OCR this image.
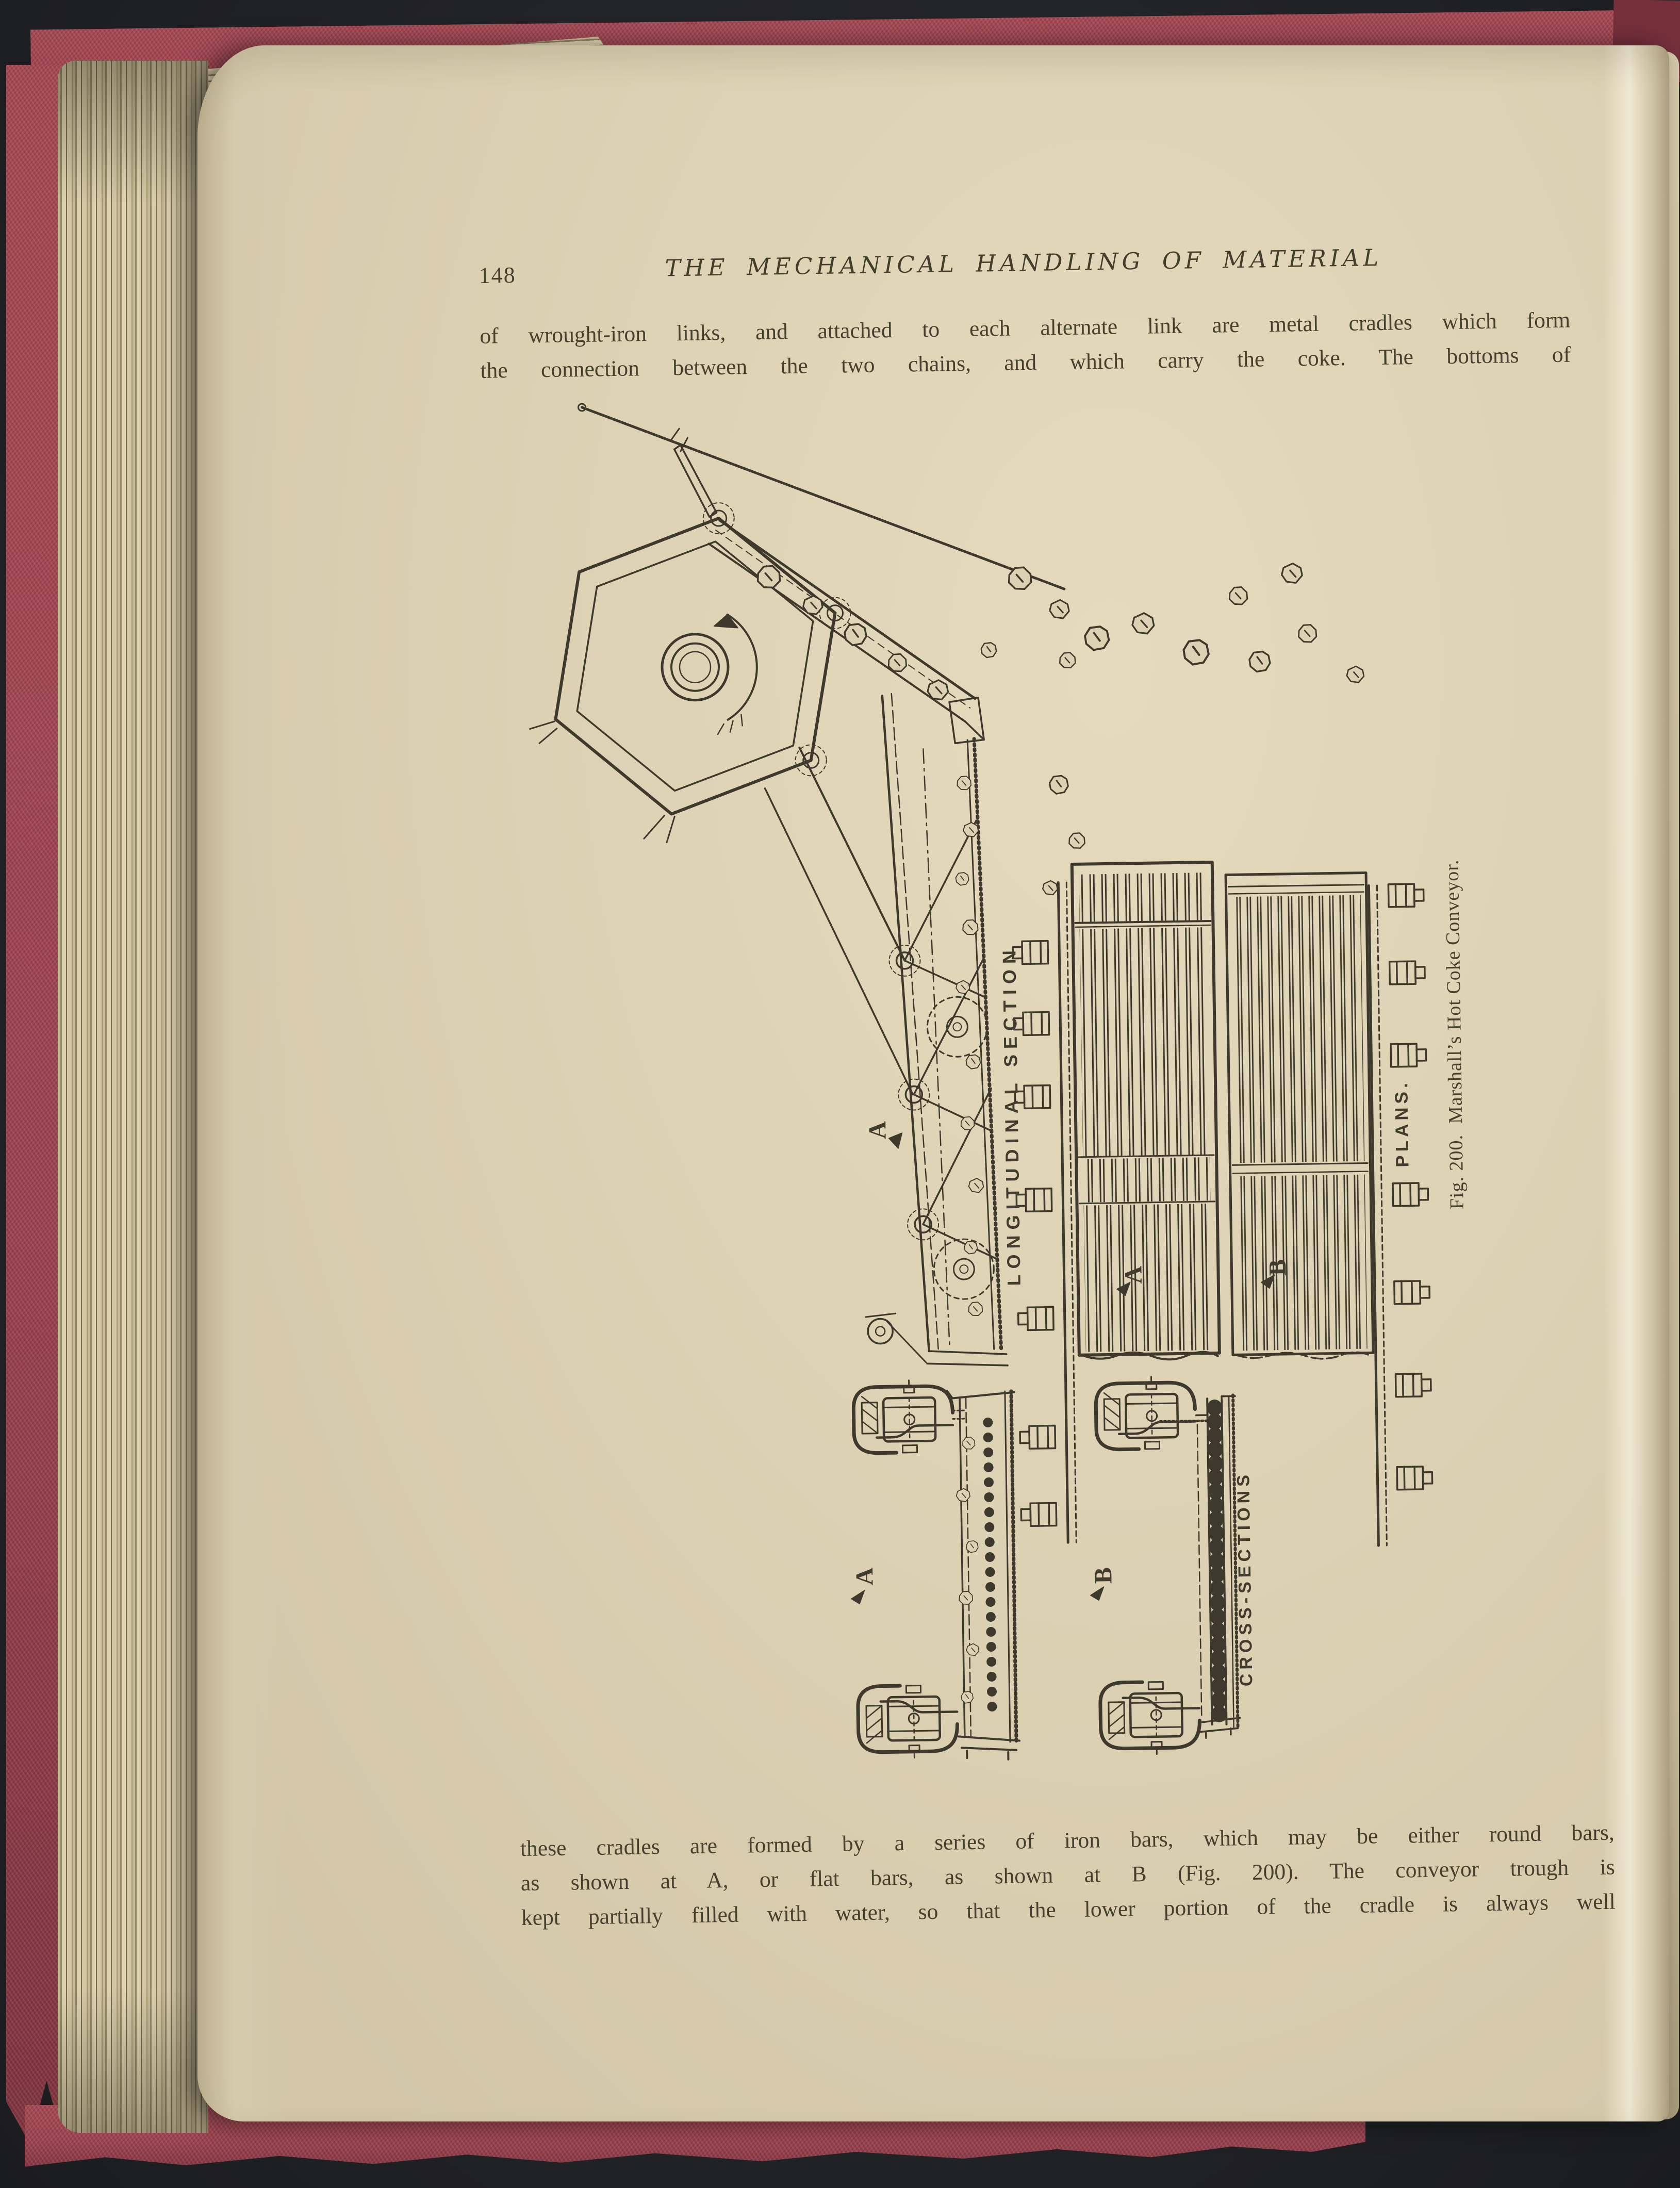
148	THE MECHANICAL HANDLING OF MATERIAL
of wrought-iron links, and attached to each alternate link are metal cradles which form
the connection between the two chains, and which carry the coke. The bottoms of
LONGITUDINAL SECTION	PLANS.
CROSS-SECTIONS
Fig. 200.  Marshall’s Hot Coke Conveyor.
A
A	B
A	B
these cradles are formed by a series of iron bars, which may be either round bars,
as shown at A, or flat bars, as shown at B (Fig. 200). The conveyor trough is
kept partially filled with water, so that the lower portion of the cradle is always well
